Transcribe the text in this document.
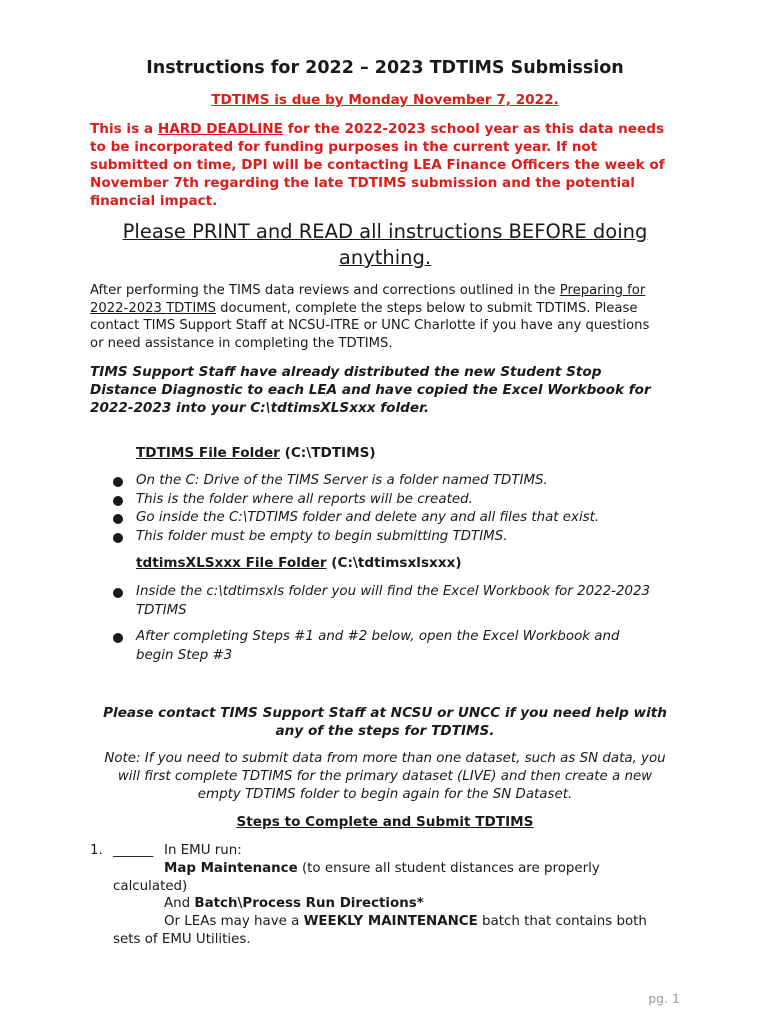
Instructions for 2022 – 2023 TDTIMS Submission
TDTIMS is due by Monday November 7, 2022.
This is a HARD DEADLINE for the 2022-2023 school year as this data needs
to be incorporated for funding purposes in the current year. If not
submitted on time, DPI will be contacting LEA Finance Officers the week of
November 7th regarding the late TDTIMS submission and the potential
financial impact.
Please PRINT and READ all instructions BEFORE doing anything.
After performing the TIMS data reviews and corrections outlined in the Preparing for
2022-2023 TDTIMS document, complete the steps below to submit TDTIMS. Please
contact TIMS Support Staff at NCSU-ITRE or UNC Charlotte if you have any questions
or need assistance in completing the TDTIMS.
TIMS Support Staff have already distributed the new Student Stop
Distance Diagnostic to each LEA and have copied the Excel Workbook for
2022-2023 into your C:\tdtimsXLSxxx folder.
TDTIMS File Folder (C:\TDTIMS)
On the C: Drive of the TIMS Server is a folder named TDTIMS.
This is the folder where all reports will be created.
Go inside the C:\TDTIMS folder and delete any and all files that exist.
This folder must be empty to begin submitting TDTIMS.
tdtimsXLSxxx File Folder (C:\tdtimsxlsxxx)
Inside the c:\tdtimsxls folder you will find the Excel Workbook for 2022-2023
TDTIMS
After completing Steps #1 and #2 below, open the Excel Workbook and
begin Step #3
Please contact TIMS Support Staff at NCSU or UNCC if you need help with
any of the steps for TDTIMS.
Note: If you need to submit data from more than one dataset, such as SN data, you
will first complete TDTIMS for the primary dataset (LIVE) and then create a new
empty TDTIMS folder to begin again for the SN Dataset.
Steps to Complete and Submit TDTIMS
1. ______ In EMU run:
Map Maintenance (to ensure all student distances are properly
calculated)
And Batch\Process Run Directions*
Or LEAs may have a WEEKLY MAINTENANCE batch that contains both
sets of EMU Utilities.
pg. 1
